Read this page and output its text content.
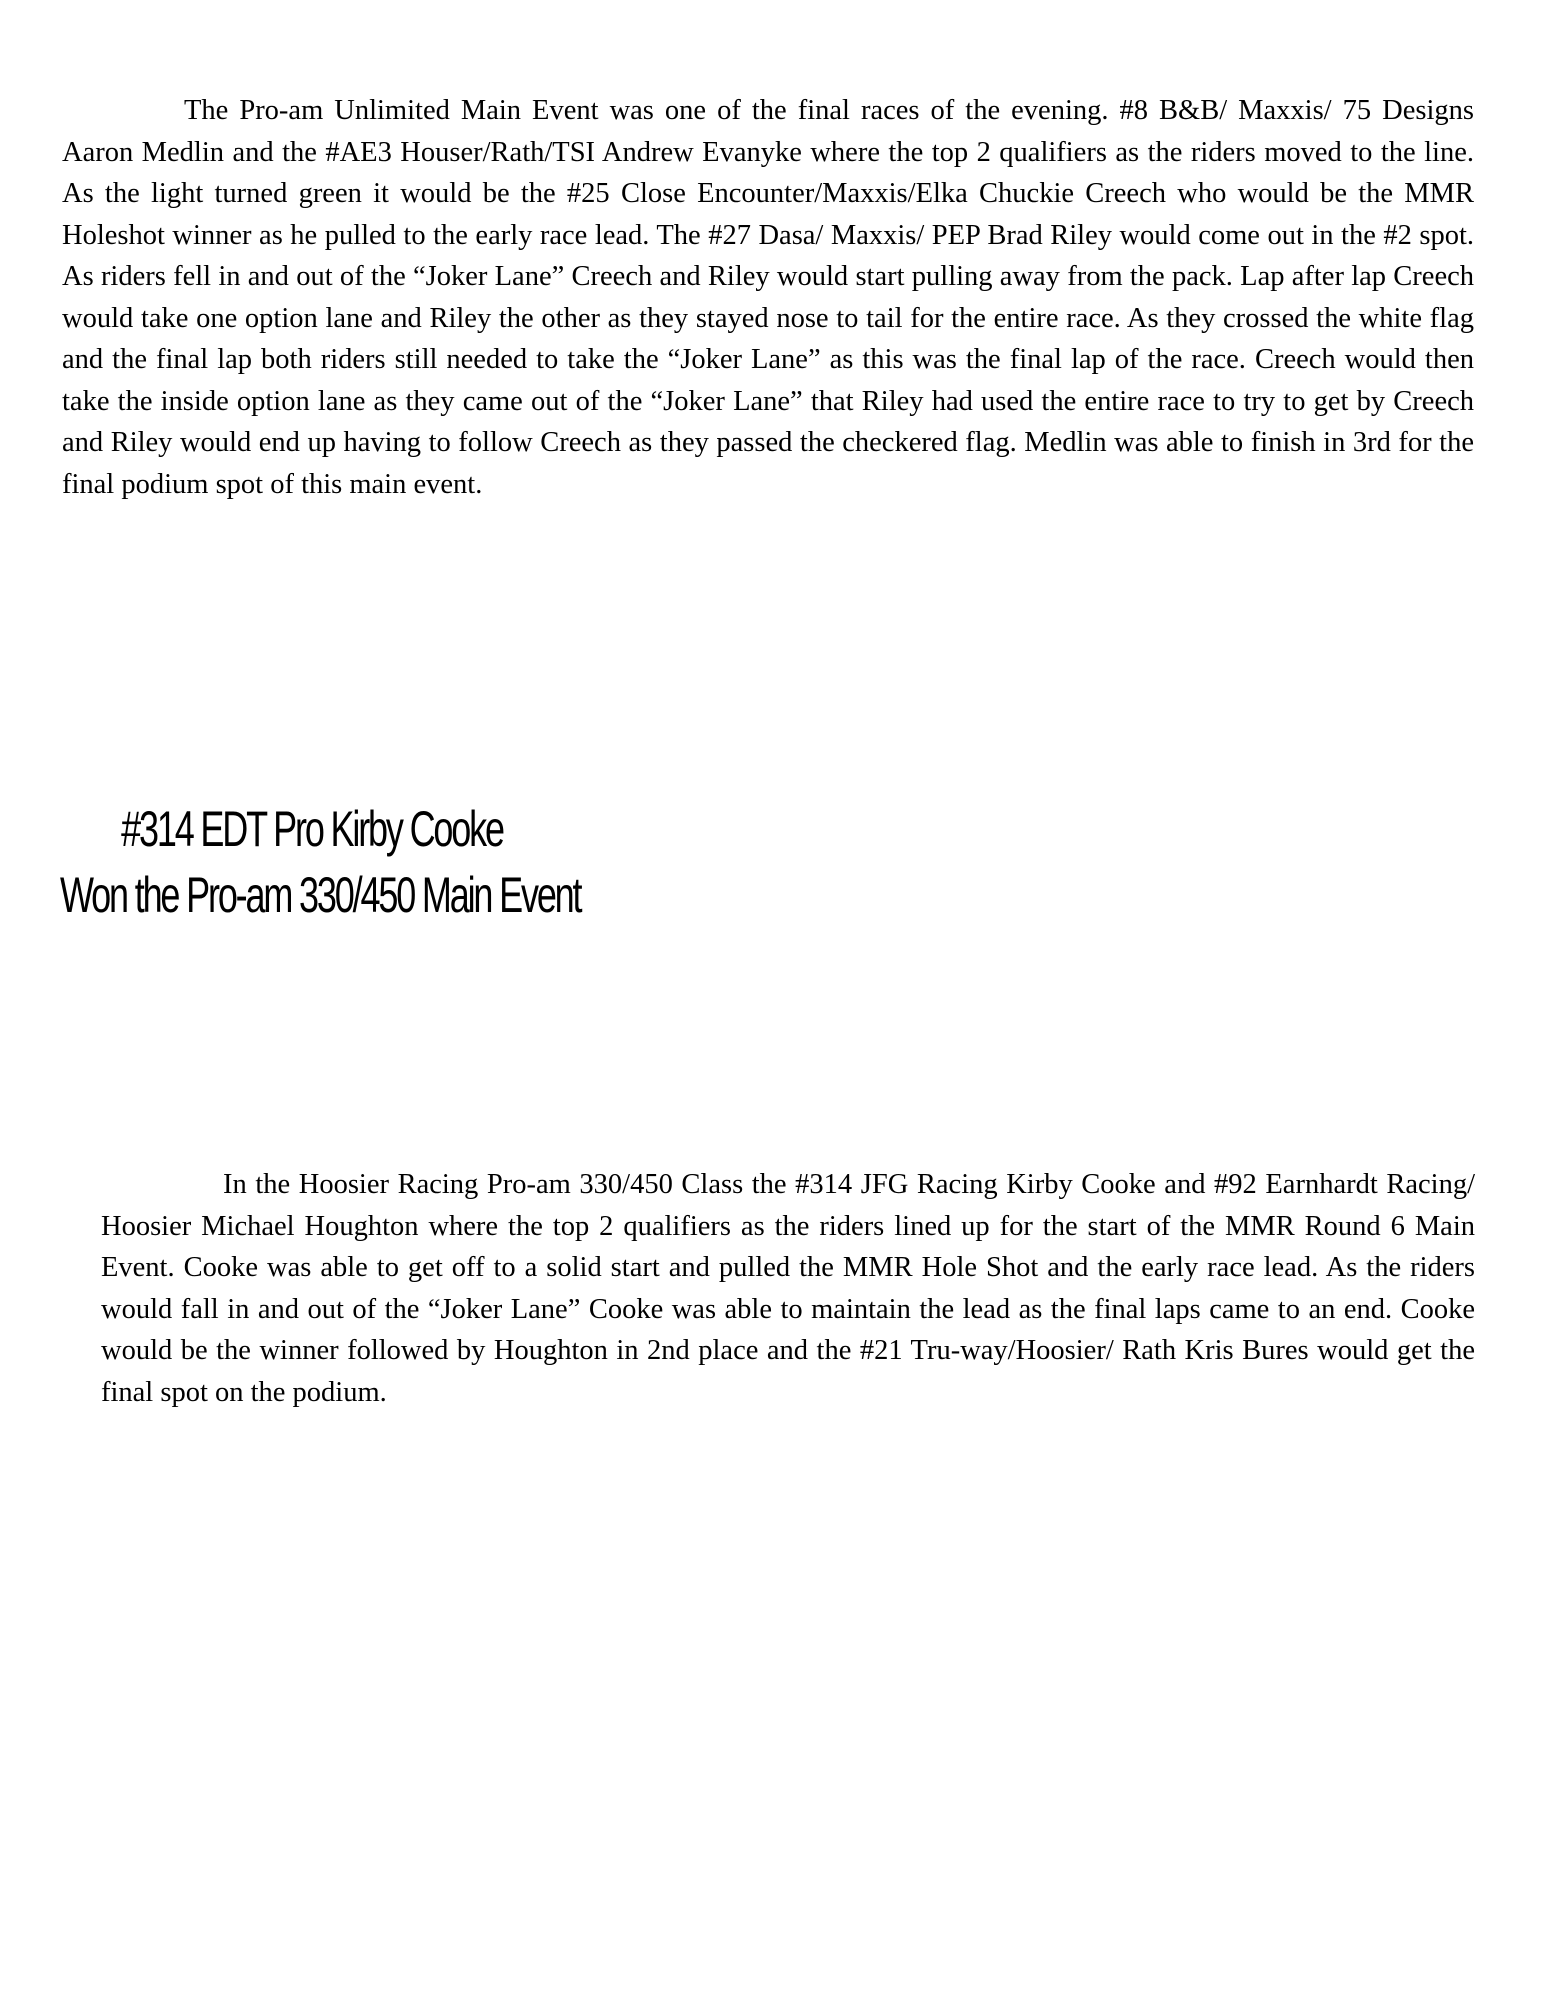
The Pro-am Unlimited Main Event was one of the final races of the evening. #8 B&B/ Maxxis/ 75 Designs Aaron Medlin and the #AE3 Houser/Rath/TSI Andrew Evanyke where the top 2 qualifiers as the riders moved to the line. As the light turned green it would be the #25 Close Encounter/Maxxis/Elka Chuckie Creech who would be the MMR Holeshot winner as he pulled to the early race lead. The #27 Dasa/ Maxxis/ PEP Brad Riley would come out in the #2 spot. As riders fell in and out of the “Joker Lane” Creech and Riley would start pulling away from the pack. Lap after lap Creech would take one option lane and Riley the other as they stayed nose to tail for the entire race. As they crossed the white flag and the final lap both riders still needed to take the “Joker Lane” as this was the final lap of the race. Creech would then take the inside option lane as they came out of the “Joker Lane” that Riley had used the entire race to try to get by Creech and Riley would end up having to follow Creech as they passed the checkered flag. Medlin was able to finish in 3rd for the final podium spot of this main event.

#314 EDT Pro Kirby Cooke
Won the Pro-am 330/450 Main Event

In the Hoosier Racing Pro-am 330/450 Class the #314 JFG Racing Kirby Cooke and #92 Earnhardt Racing/ Hoosier Michael Houghton where the top 2 qualifiers as the riders lined up for the start of the MMR Round 6 Main Event. Cooke was able to get off to a solid start and pulled the MMR Hole Shot and the early race lead. As the riders would fall in and out of the “Joker Lane” Cooke was able to maintain the lead as the final laps came to an end. Cooke would be the winner followed by Houghton in 2nd place and the #21 Tru-way/Hoosier/ Rath Kris Bures would get the final spot on the podium.
